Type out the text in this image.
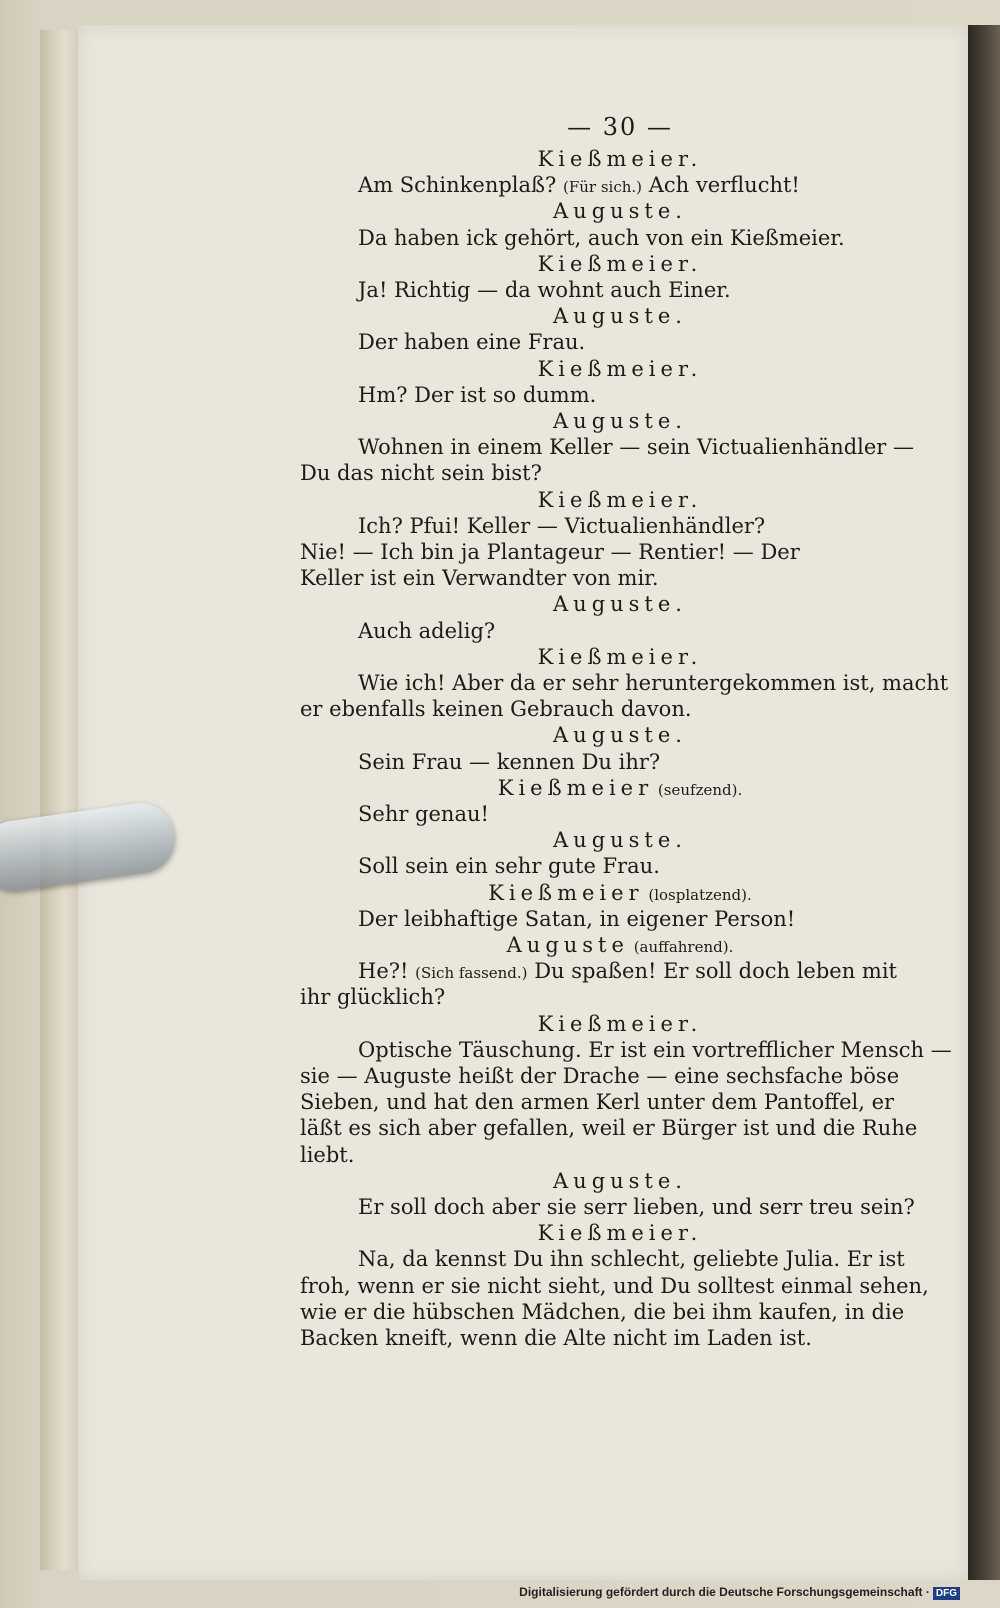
— 30 —
Kießmeier.
Am Schinkenplaß? (Für sich.) Ach verflucht!
Auguste.
Da haben ick gehört, auch von ein Kießmeier.
Kießmeier.
Ja! Richtig — da wohnt auch Einer.
Auguste.
Der haben eine Frau.
Kießmeier.
Hm? Der ist so dumm.
Auguste.
Wohnen in einem Keller — sein Victualienhändler —
Du das nicht sein bist?
Kießmeier.
Ich? Pfui! Keller — Victualienhändler?
Nie! — Ich bin ja Plantageur — Rentier! — Der
Keller ist ein Verwandter von mir.
Auguste.
Auch adelig?
Kießmeier.
Wie ich! Aber da er sehr heruntergekommen ist, macht
er ebenfalls keinen Gebrauch davon.
Auguste.
Sein Frau — kennen Du ihr?
Kießmeier (seufzend).
Sehr genau!
Auguste.
Soll sein ein sehr gute Frau.
Kießmeier (losplatzend).
Der leibhaftige Satan, in eigener Person!
Auguste (auffahrend).
He?! (Sich fassend.) Du spaßen! Er soll doch leben mit
ihr glücklich?
Kießmeier.
Optische Täuschung. Er ist ein vortrefflicher Mensch —
sie — Auguste heißt der Drache — eine sechsfache böse
Sieben, und hat den armen Kerl unter dem Pantoffel, er
läßt es sich aber gefallen, weil er Bürger ist und die Ruhe
liebt.
Auguste.
Er soll doch aber sie serr lieben, und serr treu sein?
Kießmeier.
Na, da kennst Du ihn schlecht, geliebte Julia. Er ist
froh, wenn er sie nicht sieht, und Du solltest einmal sehen,
wie er die hübschen Mädchen, die bei ihm kaufen, in die
Backen kneift, wenn die Alte nicht im Laden ist.
Digitalisierung gefördert durch die Deutsche Forschungsgemeinschaft · DFG
